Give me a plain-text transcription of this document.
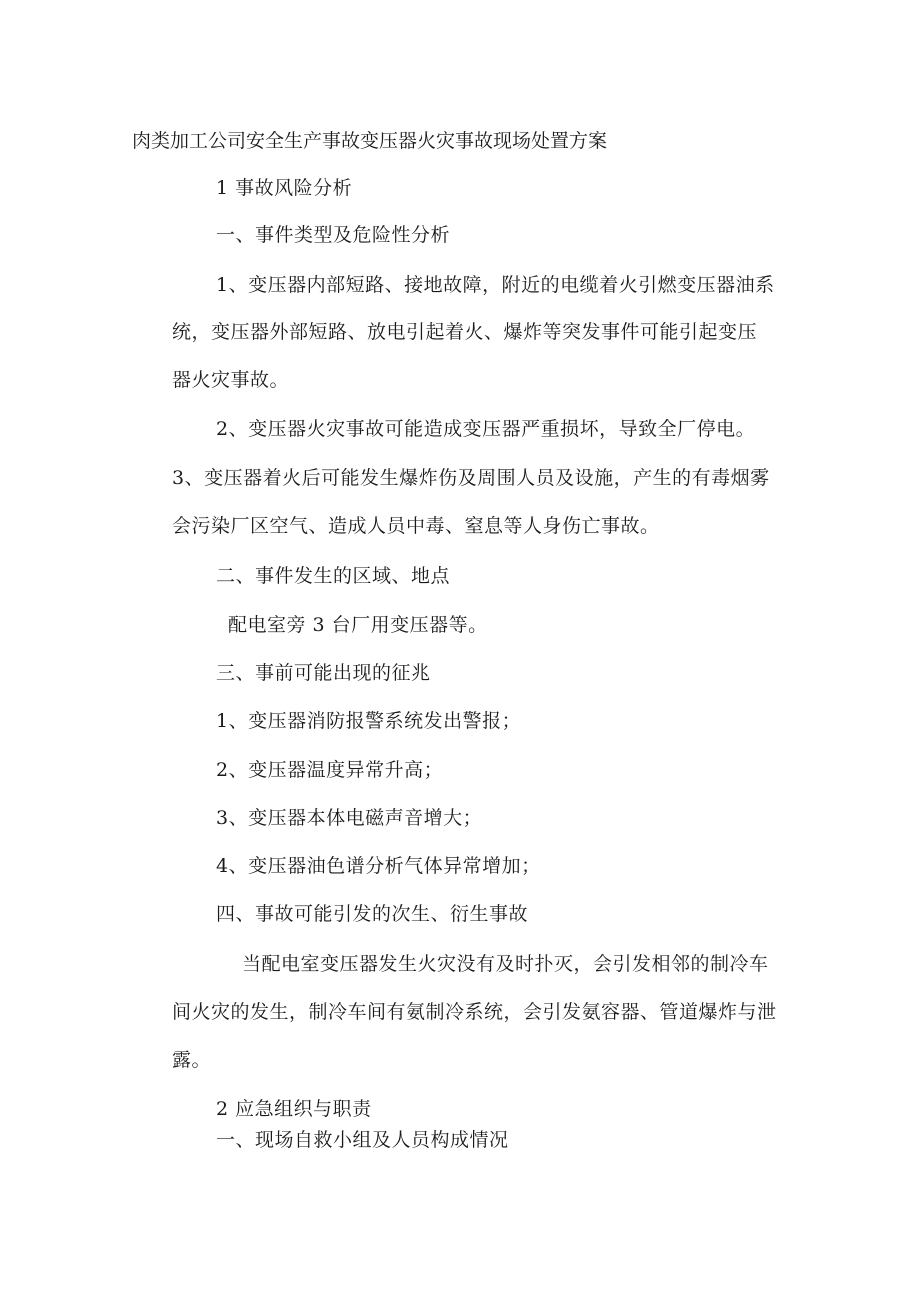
肉类加工公司安全生产事故变压器火灾事故现场处置方案
1 事故风险分析
一、事件类型及危险性分析
1、变压器内部短路、接地故障，附近的电缆着火引燃变压器油系
统，变压器外部短路、放电引起着火、爆炸等突发事件可能引起变压
器火灾事故。
2、变压器火灾事故可能造成变压器严重损坏，导致全厂停电。
3、变压器着火后可能发生爆炸伤及周围人员及设施，产生的有毒烟雾
会污染厂区空气、造成人员中毒、窒息等人身伤亡事故。
二、事件发生的区域、地点
配电室旁 3 台厂用变压器等。
三、事前可能出现的征兆
1、变压器消防报警系统发出警报；
2、变压器温度异常升高；
3、变压器本体电磁声音增大；
4、变压器油色谱分析气体异常增加；
四、事故可能引发的次生、衍生事故
当配电室变压器发生火灾没有及时扑灭，会引发相邻的制冷车
间火灾的发生，制冷车间有氨制冷系统，会引发氨容器、管道爆炸与泄
露。
2 应急组织与职责
一、现场自救小组及人员构成情况
